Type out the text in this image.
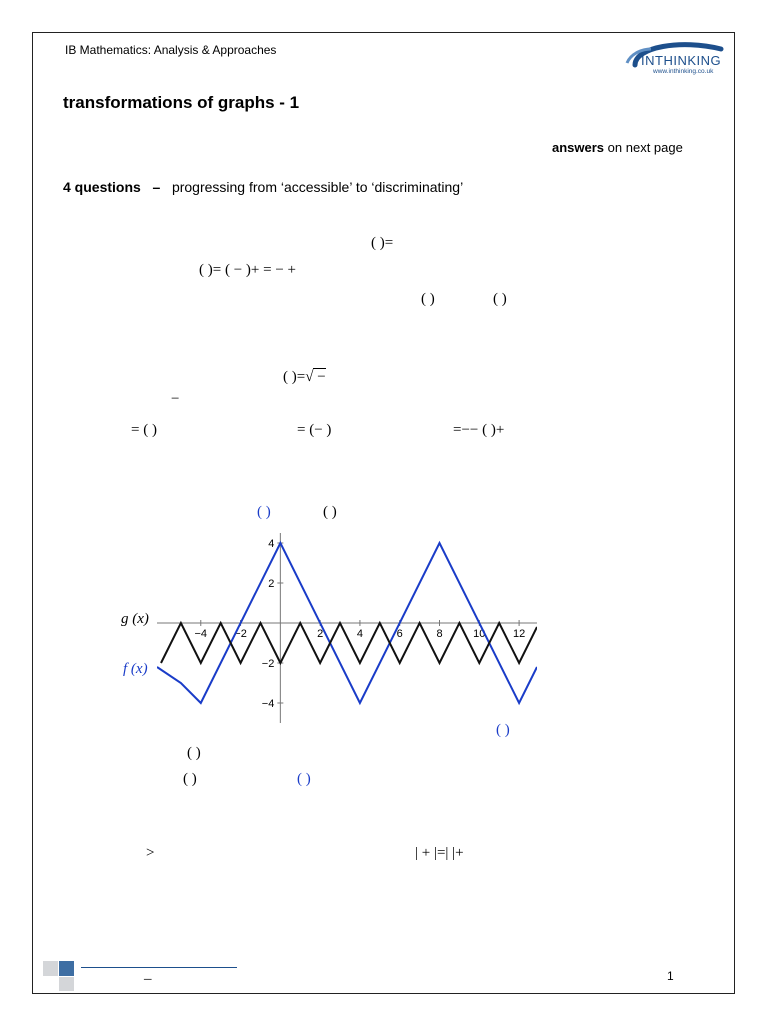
IB Mathematics: Analysis & Approaches
INTHINKING
www.inthinking.co.uk
transformations of graphs - 1
answers on next page
4 questions – progressing from ‘accessible’ to ‘discriminating’
( )=
( )= ( − )+ = − +
( )	( )
( )=√ −
−
= ( )	= (− )	=−− ( )+
( )	( )
g (x)
f (x)
( )
( )
( )	( )
−4 −2	2	4	6	8	10	12
4
2
−2
−4
>	| + |=| |+
–	1
